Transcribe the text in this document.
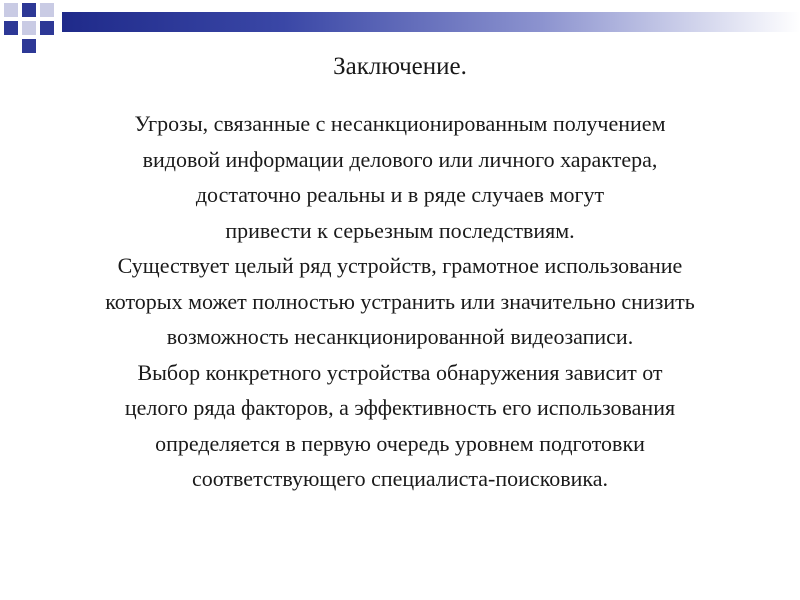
Заключение.
Угрозы, связанные с несанкционированным получением
видовой информации делового или личного характера,
достаточно реальны и в ряде случаев могут
привести к серьезным последствиям.
Существует целый ряд устройств, грамотное использование
которых может полностью устранить или значительно снизить
возможность несанкционированной видеозаписи.
Выбор конкретного устройства обнаружения зависит от
целого ряда факторов, а эффективность его использования
определяется в первую очередь уровнем подготовки
соответствующего специалиста-поисковика.
